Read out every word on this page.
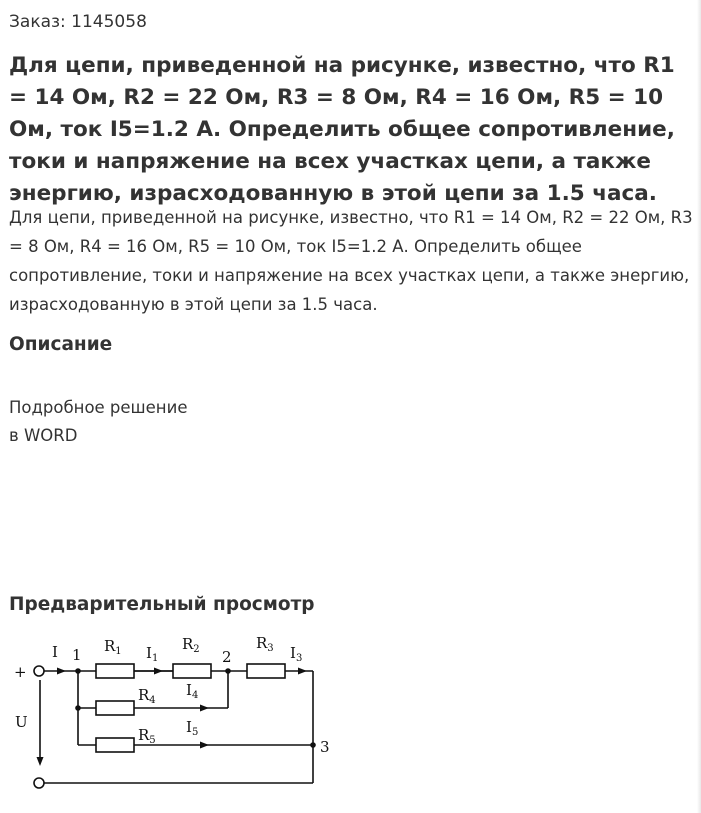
Заказ: 1145058
Для цепи, приведенной на рисунке, известно, что R1 = 14 Ом, R2 = 22 Ом, R3 = 8 Ом, R4 = 16 Ом, R5 = 10 Ом, ток I5=1.2 А. Определить общее сопротивление, токи и напряжение на всех участках цепи, а также энергию, израсходованную в этой цепи за 1.5 часа.
Для цепи, приведенной на рисунке, известно, что R1 = 14 Ом, R2 = 22 Ом, R3 = 8 Ом, R4 = 16 Ом, R5 = 10 Ом, ток I5=1.2 А. Определить общее сопротивление, токи и напряжение на всех участках цепи, а также энергию, израсходованную в этой цепи за 1.5 часа.
Описание
Подробное решение
в WORD
Предварительный просмотр
+
U
I 1	2
3
$R_1$	$R_2$	$R_3$
$R_4$
$R_5$
$I_1$	$I_3$
$I_4$
$I_5$
